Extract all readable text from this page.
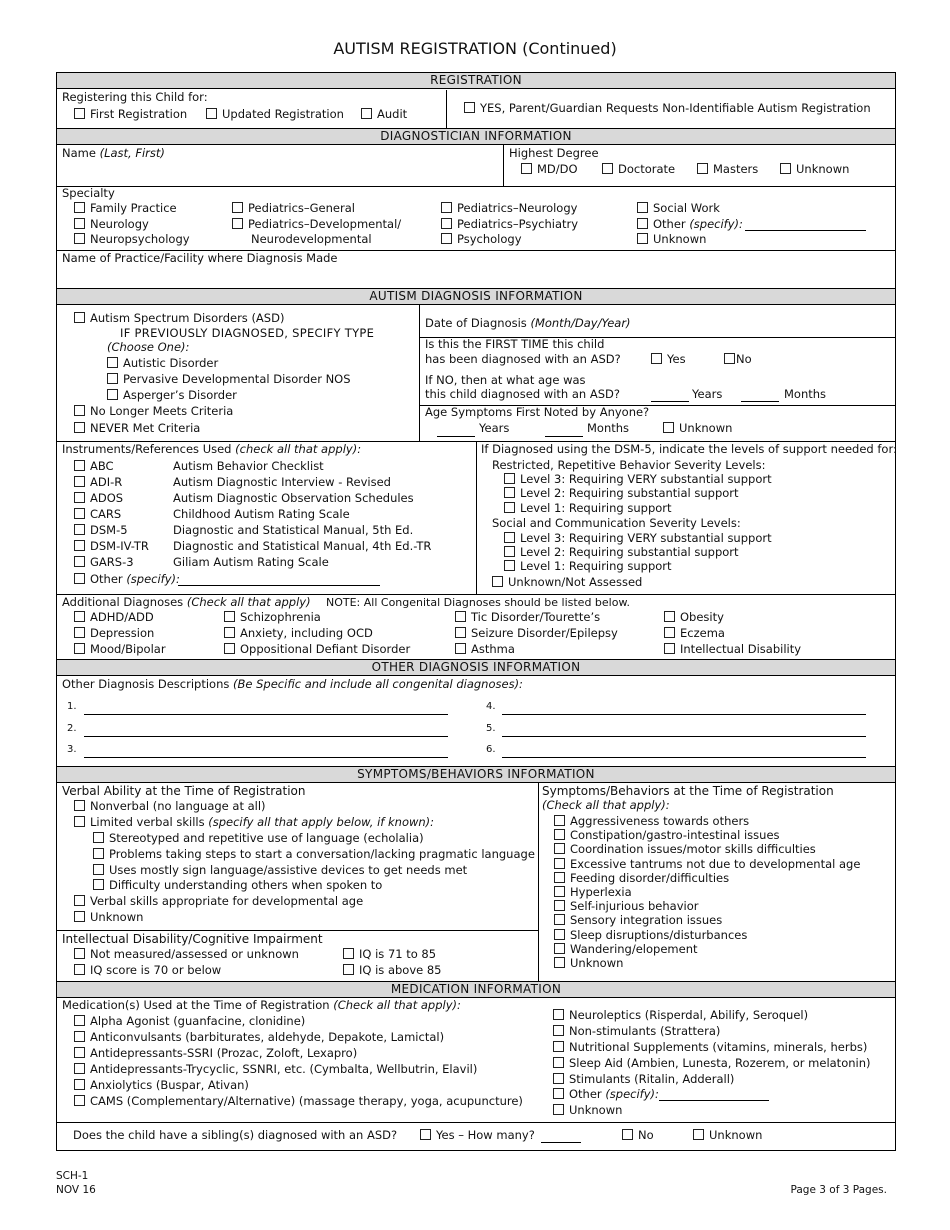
AUTISM REGISTRATION (Continued)
REGISTRATION
Registering this Child for:
First Registration	Updated Registration	Audit	YES, Parent/Guardian Requests Non-Identifiable Autism Registration
DIAGNOSTICIAN INFORMATION
Name (Last, First)	Highest Degree
MD/DO	Doctorate	Masters	Unknown
Specialty
Family Practice
Neurology
Neuropsychology
Pediatrics–General
Pediatrics–Developmental/
Neurodevelopmental
Pediatrics–Neurology
Pediatrics–Psychiatry
Psychology
Social Work
Other (specify):
Unknown
Name of Practice/Facility where Diagnosis Made
AUTISM DIAGNOSIS INFORMATION
Autism Spectrum Disorders (ASD)
IF PREVIOUSLY DIAGNOSED, SPECIFY TYPE
(Choose One):
Autistic Disorder
Pervasive Developmental Disorder NOS
Asperger’s Disorder
No Longer Meets Criteria
NEVER Met Criteria
Date of Diagnosis (Month/Day/Year)
Is this the FIRST TIME this child
has been diagnosed with an ASD?	Yes	No
If NO, then at what age was
this child diagnosed with an ASD?	Years	Months
Age Symptoms First Noted by Anyone?
Years	Months	Unknown
Instruments/References Used (check all that apply):
ABC	Autism Behavior Checklist
ADI-R	Autism Diagnostic Interview - Revised
ADOS	Autism Diagnostic Observation Schedules
CARS	Childhood Autism Rating Scale
DSM-5	Diagnostic and Statistical Manual, 5th Ed.
DSM-IV-TR Diagnostic and Statistical Manual, 4th Ed.-TR
GARS-3	Giliam Autism Rating Scale
Other (specify):
If Diagnosed using the DSM-5, indicate the levels of support needed for:
Restricted, Repetitive Behavior Severity Levels:
Level 3: Requiring VERY substantial support
Level 2: Requiring substantial support
Level 1: Requiring support
Social and Communication Severity Levels:
Level 3: Requiring VERY substantial support
Level 2: Requiring substantial support
Level 1: Requiring support
Unknown/Not Assessed
Additional Diagnoses (Check all that apply) NOTE: All Congenital Diagnoses should be listed below.
ADHD/ADD
Depression
Mood/Bipolar
Schizophrenia
Anxiety, including OCD
Oppositional Defiant Disorder
Tic Disorder/Tourette’s
Seizure Disorder/Epilepsy
Asthma
Obesity
Eczema
Intellectual Disability
OTHER DIAGNOSIS INFORMATION
Other Diagnosis Descriptions (Be Specific and include all congenital diagnoses):
1.
2.
3.
4.
5.
6.
SYMPTOMS/BEHAVIORS INFORMATION
Verbal Ability at the Time of Registration
Nonverbal (no language at all)
Limited verbal skills (specify all that apply below, if known):
Stereotyped and repetitive use of language (echolalia)
Problems taking steps to start a conversation/lacking pragmatic language
Uses mostly sign language/assistive devices to get needs met
Difficulty understanding others when spoken to
Verbal skills appropriate for developmental age
Unknown
Intellectual Disability/Cognitive Impairment
Not measured/assessed or unknown
IQ score is 70 or below
IQ is 71 to 85
IQ is above 85
Symptoms/Behaviors at the Time of Registration
(Check all that apply):
MEDICATION INFORMATION
Medication(s) Used at the Time of Registration (Check all that apply):
Other (specify):
Unknown
Does the child have a sibling(s) diagnosed with an ASD?	Yes – How many?	No	Unknown
SCH-1
NOV 16	Page 3 of 3 Pages.
Aggressiveness towards others
Constipation/gastro-intestinal issues
Coordination issues/motor skills difficulties
Excessive tantrums not due to developmental age
Feeding disorder/difficulties
Hyperlexia
Self-injurious behavior
Sensory integration issues
Sleep disruptions/disturbances
Wandering/elopement
Unknown
Alpha Agonist (guanfacine, clonidine)
Anticonvulsants (barbiturates, aldehyde, Depakote, Lamictal)
Antidepressants-SSRI (Prozac, Zoloft, Lexapro)
Antidepressants-Trycyclic, SSNRI, etc. (Cymbalta, Wellbutrin, Elavil)
Anxiolytics (Buspar, Ativan)
CAMS (Complementary/Alternative) (massage therapy, yoga, acupuncture)
Neuroleptics (Risperdal, Abilify, Seroquel)
Non-stimulants (Strattera)
Nutritional Supplements (vitamins, minerals, herbs)
Sleep Aid (Ambien, Lunesta, Rozerem, or melatonin)
Stimulants (Ritalin, Adderall)
